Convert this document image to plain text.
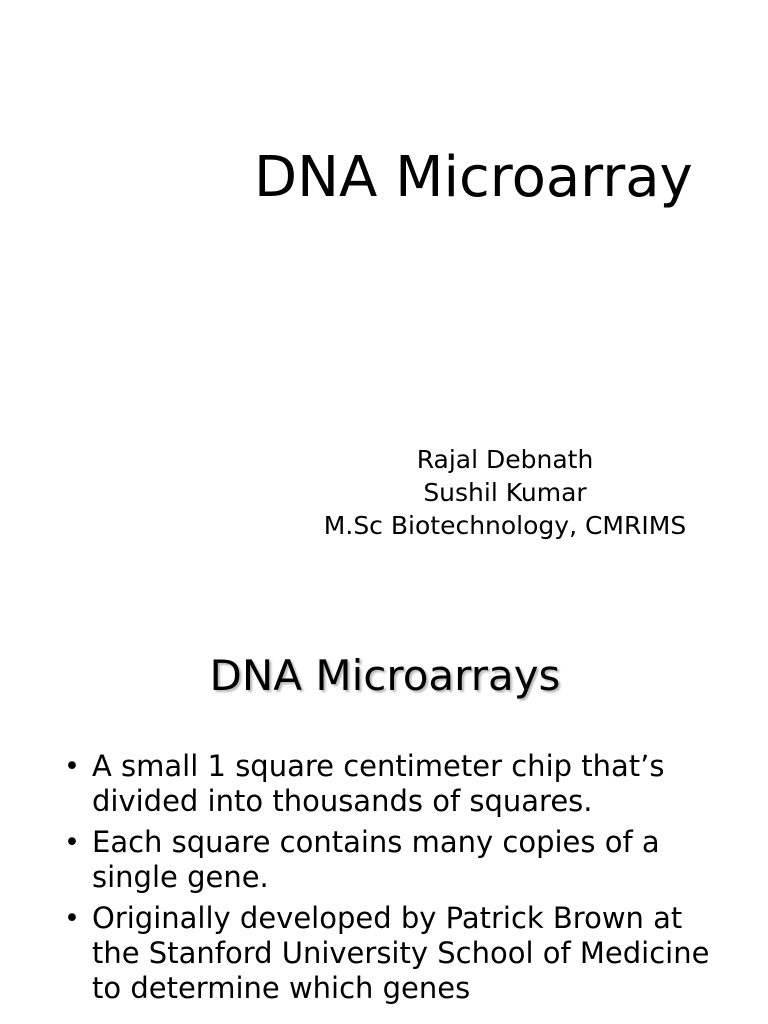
DNA Microarray
Rajal Debnath
Sushil Kumar
M.Sc Biotechnology, CMRIMS
DNA Microarrays
• A small 1 square centimeter chip that’s divided into thousands of squares.
• Each square contains many copies of a single gene.
• Originally developed by Patrick Brown at the Stanford University School of Medicine to determine which genes
